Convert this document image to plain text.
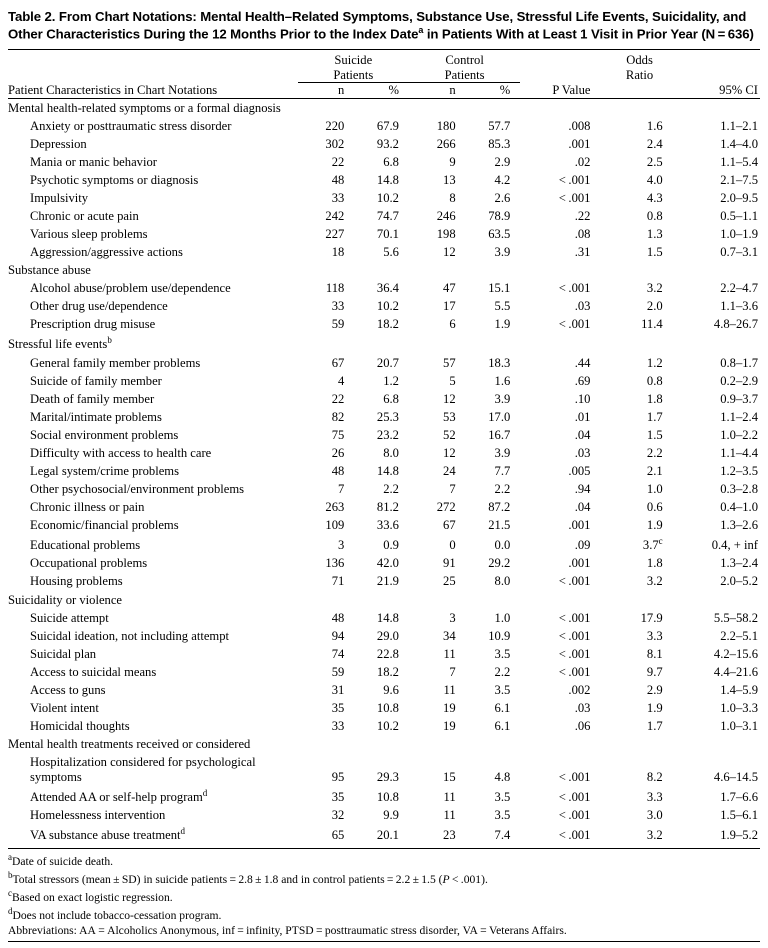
Table 2. From Chart Notations: Mental Health–Related Symptoms, Substance Use, Stressful Life Events, Suicidality, and Other Characteristics During the 12 Months Prior to the Index Date$^a$ in Patients With at Least 1 Visit in Prior Year (N = 636)
	Suicide		Control			Odds	
	Patients		Patients			Ratio	
Patient Characteristics in Chart Notations	n	%	n	%	P Value		95% CI
Mental health-related symptoms or a formal diagnosis							
Anxiety or posttraumatic stress disorder	220	67.9	180	57.7	.008	1.6	1.1–2.1
Depression	302	93.2	266	85.3	.001	2.4	1.4–4.0
Mania or manic behavior	22	6.8	9	2.9	.02	2.5	1.1–5.4
Psychotic symptoms or diagnosis	48	14.8	13	4.2	< .001	4.0	2.1–7.5
Impulsivity	33	10.2	8	2.6	< .001	4.3	2.0–9.5
Chronic or acute pain	242	74.7	246	78.9	.22	0.8	0.5–1.1
Various sleep problems	227	70.1	198	63.5	.08	1.3	1.0–1.9
Aggression/aggressive actions	18	5.6	12	3.9	.31	1.5	0.7–3.1
Substance abuse							
Alcohol abuse/problem use/dependence	118	36.4	47	15.1	< .001	3.2	2.2–4.7
Other drug use/dependence	33	10.2	17	5.5	.03	2.0	1.1–3.6
Prescription drug misuse	59	18.2	6	1.9	< .001	11.4	4.8–26.7
Stressful life events$^b$							
General family member problems	67	20.7	57	18.3	.44	1.2	0.8–1.7
Suicide of family member	4	1.2	5	1.6	.69	0.8	0.2–2.9
Death of family member	22	6.8	12	3.9	.10	1.8	0.9–3.7
Marital/intimate problems	82	25.3	53	17.0	.01	1.7	1.1–2.4
Social environment problems	75	23.2	52	16.7	.04	1.5	1.0–2.2
Difficulty with access to health care	26	8.0	12	3.9	.03	2.2	1.1–4.4
Legal system/crime problems	48	14.8	24	7.7	.005	2.1	1.2–3.5
Other psychosocial/environment problems	7	2.2	7	2.2	.94	1.0	0.3–2.8
Chronic illness or pain	263	81.2	272	87.2	.04	0.6	0.4–1.0
Economic/financial problems	109	33.6	67	21.5	.001	1.9	1.3–2.6
Educational problems	3	0.9	0	0.0	.09	3.7$^c$	0.4, + inf
Occupational problems	136	42.0	91	29.2	.001	1.8	1.3–2.4
Housing problems	71	21.9	25	8.0	< .001	3.2	2.0–5.2
Suicidality or violence							
Suicide attempt	48	14.8	3	1.0	< .001	17.9	5.5–58.2
Suicidal ideation, not including attempt	94	29.0	34	10.9	< .001	3.3	2.2–5.1
Suicidal plan	74	22.8	11	3.5	< .001	8.1	4.2–15.6
Access to suicidal means	59	18.2	7	2.2	< .001	9.7	4.4–21.6
Access to guns	31	9.6	11	3.5	.002	2.9	1.4–5.9
Violent intent	35	10.8	19	6.1	.03	1.9	1.0–3.3
Homicidal thoughts	33	10.2	19	6.1	.06	1.7	1.0–3.1
Mental health treatments received or considered							
Hospitalization considered for psychological symptoms	95	29.3	15	4.8	< .001	8.2	4.6–14.5
Attended AA or self-help program$^d$	35	10.8	11	3.5	< .001	3.3	1.7–6.6
Homelessness intervention	32	9.9	11	3.5	< .001	3.0	1.5–6.1
VA substance abuse treatment$^d$	65	20.1	23	7.4	< .001	3.2	1.9–5.2
$^a$Date of suicide death.
$^b$Total stressors (mean ± SD) in suicide patients = 2.8 ± 1.8 and in control patients = 2.2 ± 1.5 (P < .001).
$^c$Based on exact logistic regression.
$^d$Does not include tobacco-cessation program.
Abbreviations: AA = Alcoholics Anonymous, inf = infinity, PTSD = posttraumatic stress disorder, VA = Veterans Affairs.
